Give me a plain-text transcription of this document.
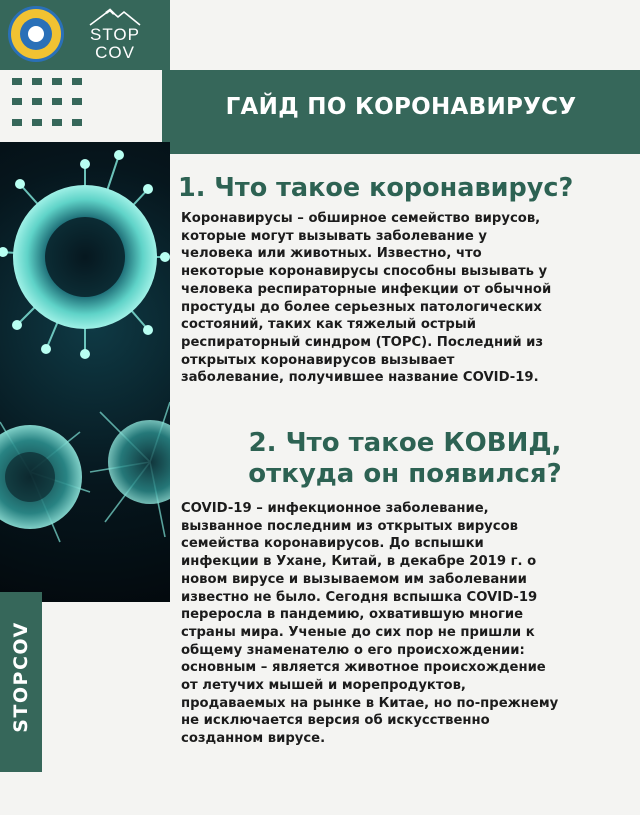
STOP
COV
ГАЙД ПО КОРОНАВИРУСУ
STOPCOV
1. Что такое коронавирус?
Коронавирусы – обширное семейство вирусов,
которые могут вызывать заболевание у
человека или животных. Известно, что
некоторые коронавирусы способны вызывать у
человека респираторные инфекции от обычной
простуды до более серьезных патологических
состояний, таких как тяжелый острый
респираторный синдром (ТОРС). Последний из
открытых коронавирусов вызывает
заболевание, получившее название COVID-19.
2. Что такое КОВИД,
откуда он появился?
COVID-19 – инфекционное заболевание,
вызванное последним из открытых вирусов
семейства коронавирусов. До вспышки
инфекции в Ухане, Китай, в декабре 2019 г. о
новом вирусе и вызываемом им заболевании
известно не было. Сегодня вспышка COVID-19
переросла в пандемию, охватившую многие
страны мира. Ученые до сих пор не пришли к
общему знаменателю о его происхождении:
основным – является животное происхождение
от летучих мышей и морепродуктов,
продаваемых на рынке в Китае, но по-прежнему
не исключается версия об искусственно
созданном вирусе.
